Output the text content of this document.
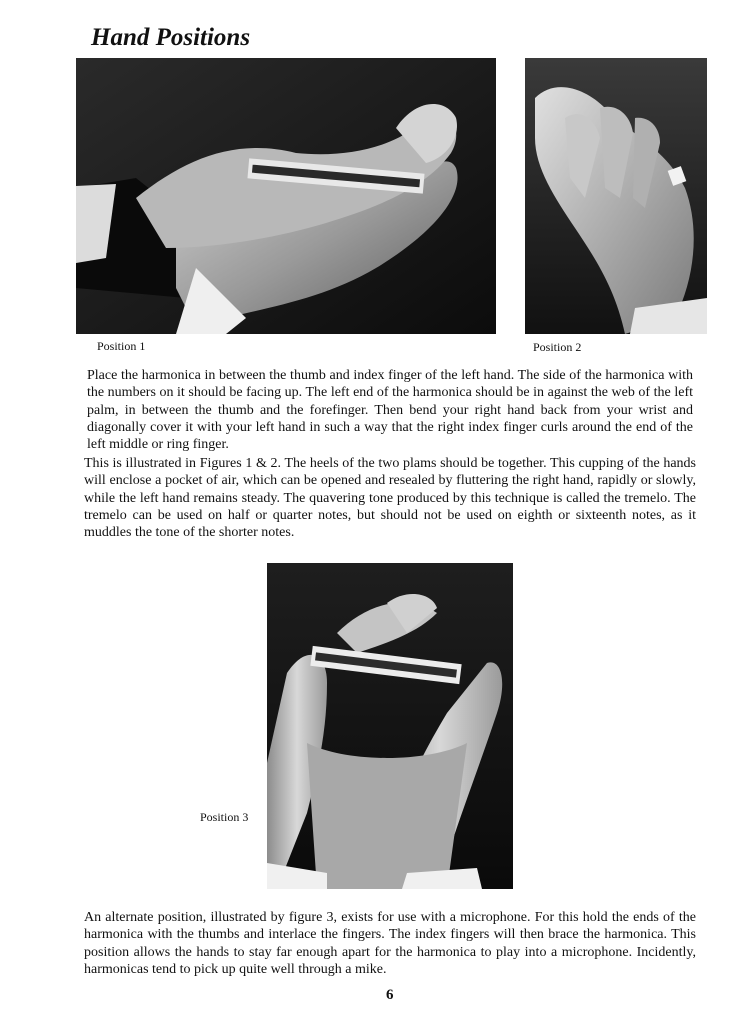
Hand Positions
Position 1	Position 2

Place the harmonica in between the thumb and index finger of the left hand. The side of the harmonica with the numbers on it should be facing up. The left end of the harmonica should be in against the web of the left palm, in between the thumb and the forefinger. Then bend your right hand back from your wrist and diagonally cover it with your left hand in such a way that the right index finger curls around the end of the left middle or ring finger.

This is illustrated in Figures 1 & 2. The heels of the two plams should be together. This cupping of the hands will enclose a pocket of air, which can be opened and resealed by fluttering the right hand, rapidly or slowly, while the left hand remains steady. The quavering tone produced by this technique is called the tremelo. The tremelo can be used on half or quarter notes, but should not be used on eighth or sixteenth notes, as it muddles the tone of the shorter notes.

Position 3

An alternate position, illustrated by figure 3, exists for use with a microphone. For this hold the ends of the harmonica with the thumbs and interlace the fingers. The index fingers will then brace the harmonica. This position allows the hands to stay far enough apart for the harmonica to play into a microphone. Incidently, harmonicas tend to pick up quite well through a mike.

6
